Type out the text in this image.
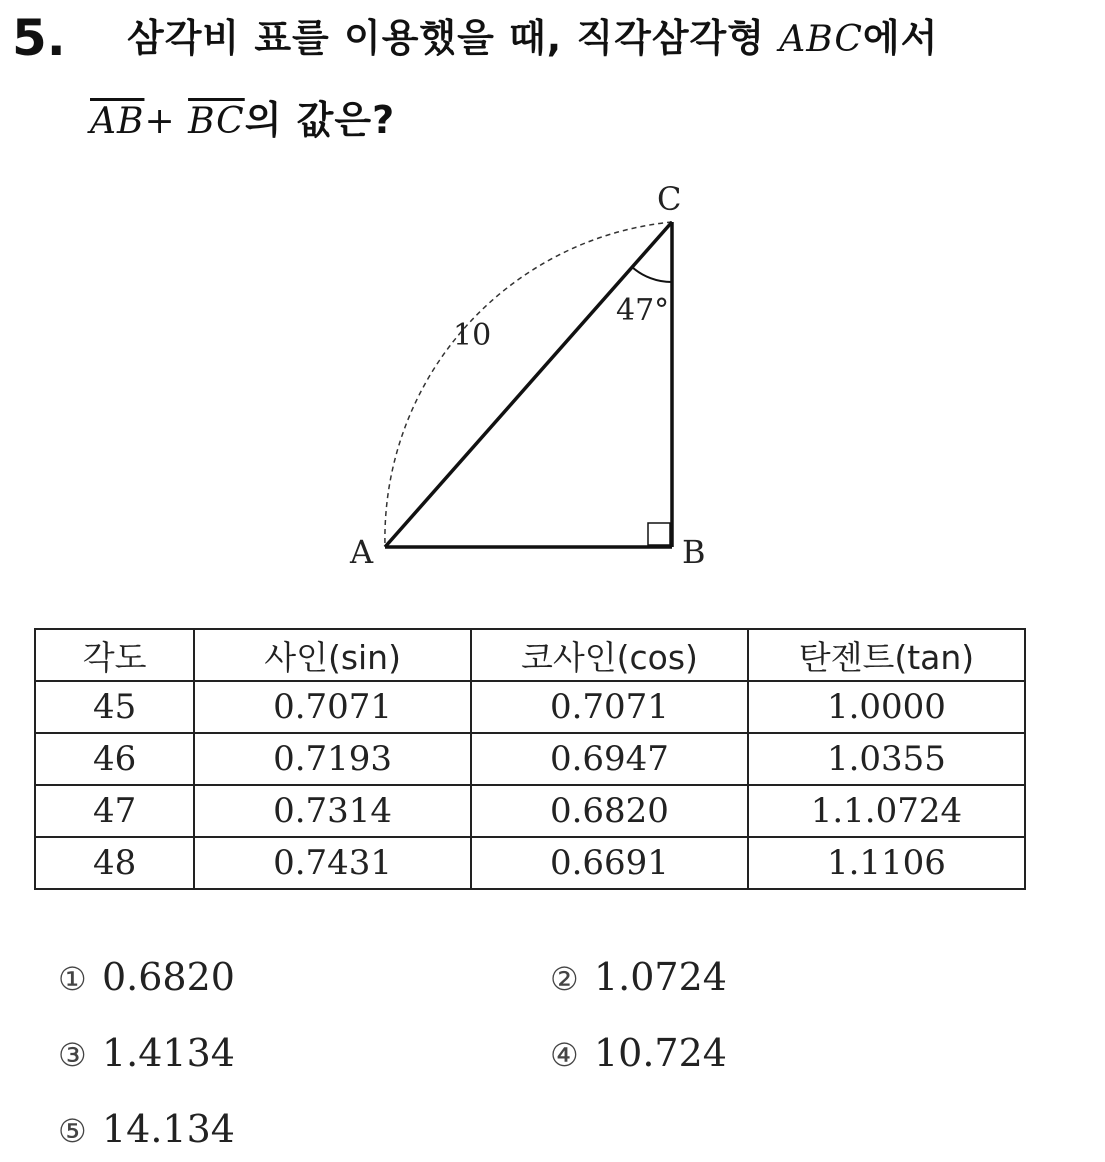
5. 삼각비 표를 이용했을 때, 직각삼각형 ABC에서
$\overline{AB}+ \overline{BC}$의 값은?
A	B
C
10
47°
각도	사인(sin)	코사인(cos)	탄젠트(tan)
45	0.7071	0.7071	1.0000
46	0.7193	0.6947	1.0355
47	0.7314	0.6820	1.1.0724
48	0.7431	0.6691	1.1106
① 0.6820	② 1.0724
③ 1.4134	④ 10.724
⑤ 14.134
